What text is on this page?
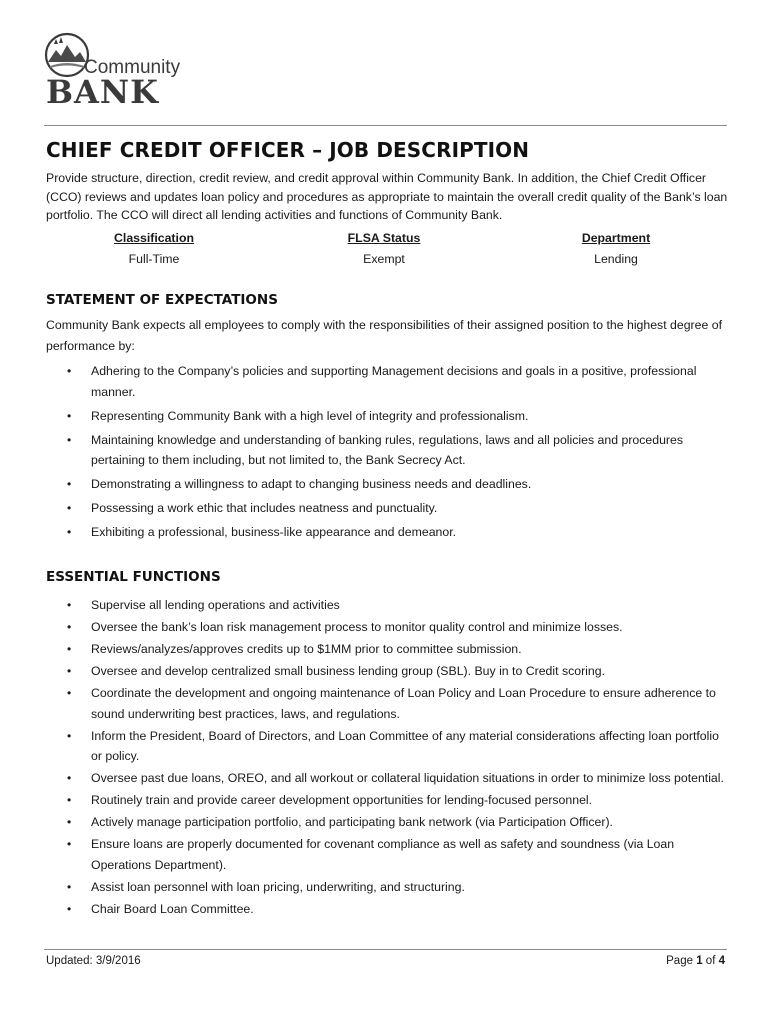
Community
BANK
CHIEF CREDIT OFFICER – JOB DESCRIPTION

Provide structure, direction, credit review, and credit approval within Community Bank. In addition, the Chief Credit Officer (CCO) reviews and updates loan policy and procedures as appropriate to maintain the overall credit quality of the Bank’s loan portfolio. The CCO will direct all lending activities and functions of Community Bank.

Classification
Full-Time
FLSA Status
Exempt
Department
Lending
STATEMENT OF EXPECTATIONS

Community Bank expects all employees to comply with the responsibilities of their assigned position to the highest degree of performance by:

• Adhering to the Company’s policies and supporting Management decisions and goals in a positive, professional manner.
• Representing Community Bank with a high level of integrity and professionalism.
• Maintaining knowledge and understanding of banking rules, regulations, laws and all policies and procedures pertaining to them including, but not limited to, the Bank Secrecy Act.
• Demonstrating a willingness to adapt to changing business needs and deadlines.
• Possessing a work ethic that includes neatness and punctuality.
• Exhibiting a professional, business-like appearance and demeanor.
ESSENTIAL FUNCTIONS
• Supervise all lending operations and activities
• Oversee the bank’s loan risk management process to monitor quality control and minimize losses.
• Reviews/analyzes/approves credits up to $1MM prior to committee submission.
• Oversee and develop centralized small business lending group (SBL). Buy in to Credit scoring.
• Coordinate the development and ongoing maintenance of Loan Policy and Loan Procedure to ensure adherence to sound underwriting best practices, laws, and regulations.
• Inform the President, Board of Directors, and Loan Committee of any material considerations affecting loan portfolio or policy.
• Oversee past due loans, OREO, and all workout or collateral liquidation situations in order to minimize loss potential.
• Routinely train and provide career development opportunities for lending-focused personnel.
• Actively manage participation portfolio, and participating bank network (via Participation Officer).
• Ensure loans are properly documented for covenant compliance as well as safety and soundness (via Loan Operations Department).
• Assist loan personnel with loan pricing, underwriting, and structuring.
• Chair Board Loan Committee.
Updated: 3/9/2016	Page 1 of 4
